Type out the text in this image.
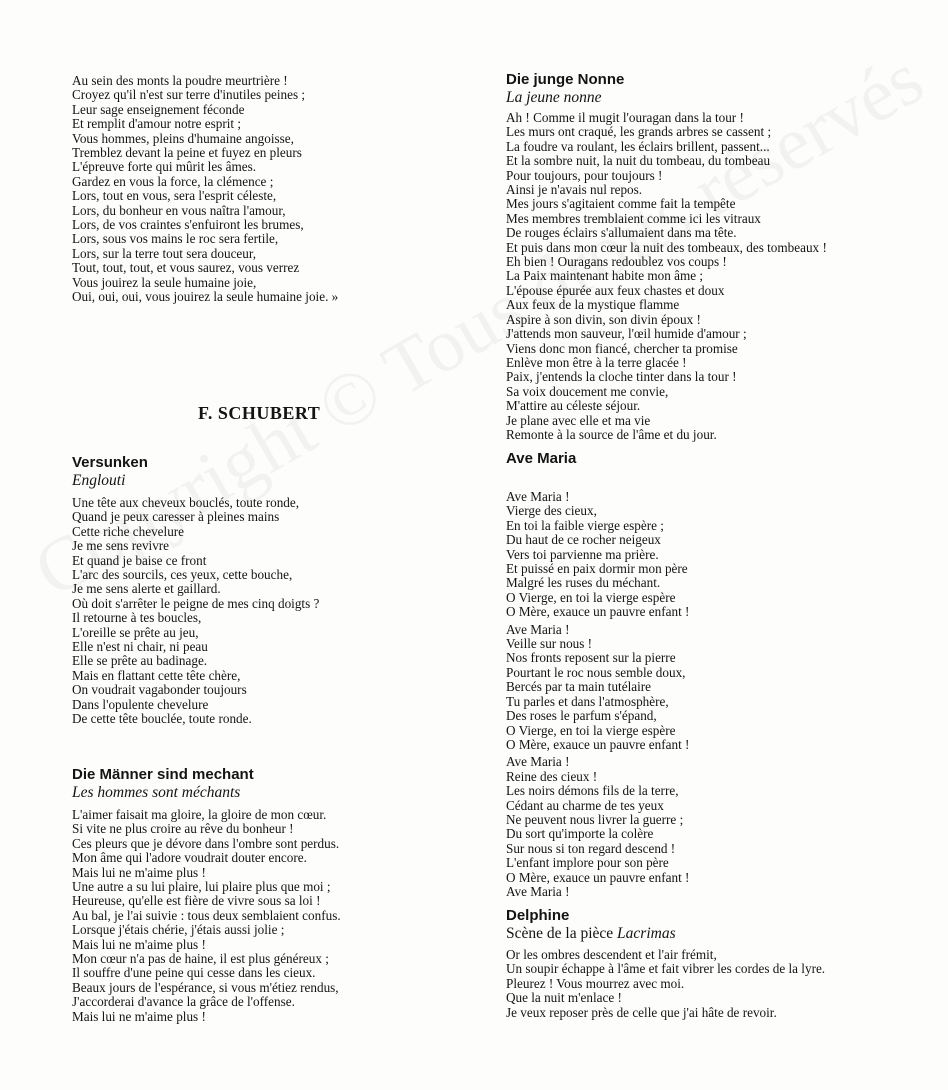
Au sein des monts la poudre meurtrière !
Croyez qu'il n'est sur terre d'inutiles peines ;
Leur sage enseignement féconde
Et remplit d'amour notre esprit ;
Vous hommes, pleins d'humaine angoisse,
Tremblez devant la peine et fuyez en pleurs
L'épreuve forte qui mûrit les âmes.
Gardez en vous la force, la clémence ;
Lors, tout en vous, sera l'esprit céleste,
Lors, du bonheur en vous naîtra l'amour,
Lors, de vos craintes s'enfuiront les brumes,
Lors, sous vos mains le roc sera fertile,
Lors, sur la terre tout sera douceur,
Tout, tout, tout, et vous saurez, vous verrez
Vous jouirez la seule humaine joie,
Oui, oui, oui, vous jouirez la seule humaine joie. »
Versunken
Englouti
Une tête aux cheveux bouclés, toute ronde,
Quand je peux caresser à pleines mains
Cette riche chevelure
Je me sens revivre
Et quand je baise ce front
L'arc des sourcils, ces yeux, cette bouche,
Je me sens alerte et gaillard.
Où doit s'arrêter le peigne de mes cinq doigts ?
Il retourne à tes boucles,
L'oreille se prête au jeu,
Elle n'est ni chair, ni peau
Elle se prête au badinage.
Mais en flattant cette tête chère,
On voudrait vagabonder toujours
Dans l'opulente chevelure
De cette tête bouclée, toute ronde.
Die Männer sind mechant
Les hommes sont méchants
L'aimer faisait ma gloire, la gloire de mon cœur.
Si vite ne plus croire au rêve du bonheur !
Ces pleurs que je dévore dans l'ombre sont perdus.
Mon âme qui l'adore voudrait douter encore.
Mais lui ne m'aime plus !
Une autre a su lui plaire, lui plaire plus que moi ;
Heureuse, qu'elle est fière de vivre sous sa loi !
Au bal, je l'ai suivie : tous deux semblaient confus.
Lorsque j'étais chérie, j'étais aussi jolie ;
Mais lui ne m'aime plus !
Mon cœur n'a pas de haine, il est plus généreux ;
Il souffre d'une peine qui cesse dans les cieux.
Beaux jours de l'espérance, si vous m'étiez rendus,
J'accorderai d'avance la grâce de l'offense.
Mais lui ne m'aime plus !
F. SCHUBERT
Die junge Nonne
La jeune nonne
Ah ! Comme il mugit l'ouragan dans la tour !
Les murs ont craqué, les grands arbres se cassent ;
La foudre va roulant, les éclairs brillent, passent...
Et la sombre nuit, la nuit du tombeau, du tombeau
Pour toujours, pour toujours !
Ainsi je n'avais nul repos.
Mes jours s'agitaient comme fait la tempête
Mes membres tremblaient comme ici les vitraux
De rouges éclairs s'allumaient dans ma tête.
Et puis dans mon cœur la nuit des tombeaux, des tombeaux !
Eh bien ! Ouragans redoublez vos coups !
La Paix maintenant habite mon âme ;
L'épouse épurée aux feux chastes et doux
Aux feux de la mystique flamme
Aspire à son divin, son divin époux !
J'attends mon sauveur, l'œil humide d'amour ;
Viens donc mon fiancé, chercher ta promise
Enlève mon être à la terre glacée !
Paix, j'entends la cloche tinter dans la tour !
Sa voix doucement me convie,
M'attire au céleste séjour.
Je plane avec elle et ma vie
Remonte à la source de l'âme et du jour.
Ave Maria
Ave Maria !
Vierge des cieux,
En toi la faible vierge espère ;
Du haut de ce rocher neigeux
Vers toi parvienne ma prière.
Et puissé en paix dormir mon père
Malgré les ruses du méchant.
O Vierge, en toi la vierge espère
O Mère, exauce un pauvre enfant !
Ave Maria !
Veille sur nous !
Nos fronts reposent sur la pierre
Pourtant le roc nous semble doux,
Bercés par ta main tutélaire
Tu parles et dans l'atmosphère,
Des roses le parfum s'épand,
O Vierge, en toi la vierge espère
O Mère, exauce un pauvre enfant !
Ave Maria !
Reine des cieux !
Les noirs démons fils de la terre,
Cédant au charme de tes yeux
Ne peuvent nous livrer la guerre ;
Du sort qu'importe la colère
Sur nous si ton regard descend !
L'enfant implore pour son père
O Mère, exauce un pauvre enfant !
Ave Maria !
Delphine
Scène de la pièce Lacrimas
Or les ombres descendent et l'air frémit,
Un soupir échappe à l'âme et fait vibrer les cordes de la lyre.
Pleurez ! Vous mourrez avec moi.
Que la nuit m'enlace !
Je veux reposer près de celle que j'ai hâte de revoir.
